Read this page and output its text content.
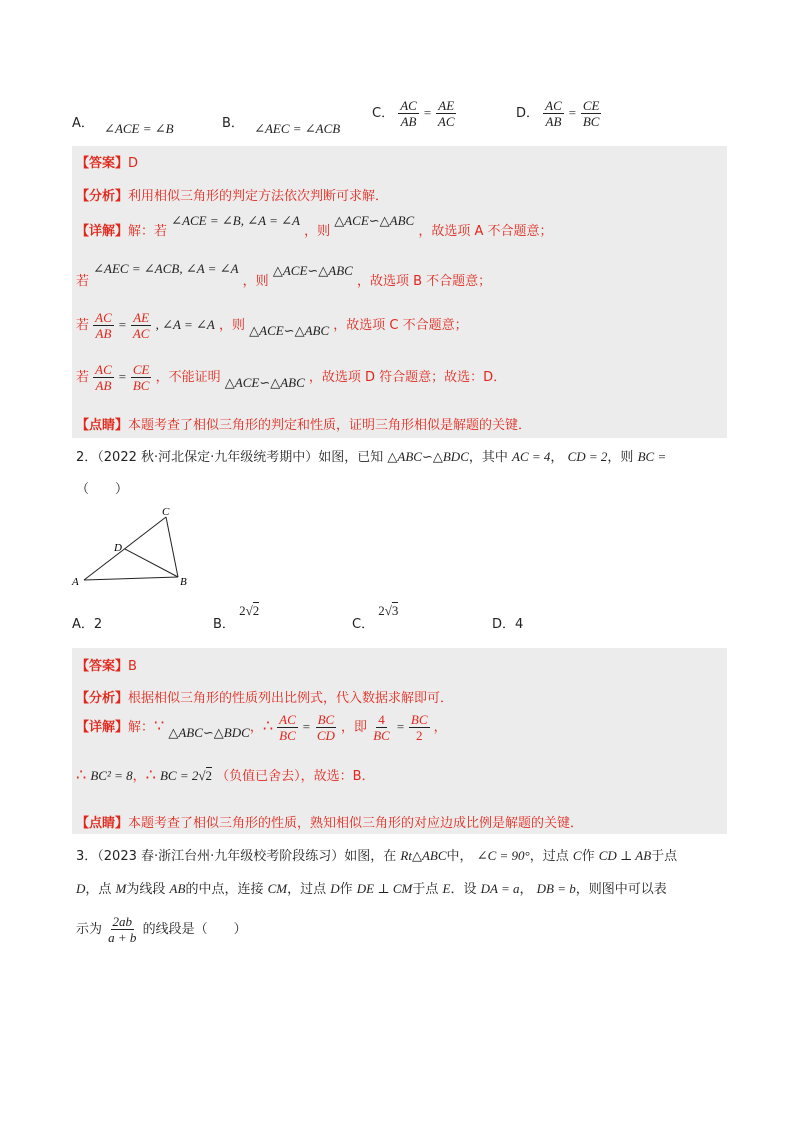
A． ∠ACE = ∠B	B． ∠AEC = ∠ACB
C． $\frac{AC}{AB} = \frac{AE}{AC}$	D． $\frac{AC}{AB} = \frac{CE}{BC}$
【答案】D
【分析】利用相似三角形的判定方法依次判断可求解．
【详解】解：若 ∠ACE = ∠B, ∠A = ∠A ，则 △ACE∽△ABC ，故选项 A 不合题意；
若 ∠AEC = ∠ACB, ∠A = ∠A ，则 △ACE∽△ABC ，故选项 B 不合题意；
若 $\frac{AC}{AB} = \frac{AE}{AC}$ , ∠A = ∠A ，则 △ACE∽△ABC ，故选项 C 不合题意；
若 $\frac{AC}{AB} = \frac{CE}{BC}$ ，不能证明 △ACE∽△ABC ，故选项 D 符合题意；故选：D．
【点睛】本题考查了相似三角形的判定和性质，证明三角形相似是解题的关键．
2．（2022 秋·河北保定·九年级统考期中）如图，已知 △ABC∽△BDC，其中 AC = 4， CD = 2，则 BC =
（　　）
A	B
C
D
A．2	B． 2√2
C． 2√3
D．4
【答案】B
【分析】根据相似三角形的性质列出比例式，代入数据求解即可．
【详解】解：∵ △ABC∽△BDC，∴ $\frac{AC}{BC} = \frac{BC}{CD}$ ，即 $\frac{4}{BC} = \frac{BC}{2}$ ，
∴ BC² = 8，∴ BC = 2√2 （负值已舍去），故选：B．
【点睛】本题考查了相似三角形的性质，熟知相似三角形的对应边成比例是解题的关键．
3．（2023 春·浙江台州·九年级校考阶段练习）如图，在 Rt△ABC中， ∠C = 90°，过点 C作 CD ⊥ AB于点
D，点 M为线段 AB的中点，连接 CM，过点 D作 DE ⊥ CM于点 E．设 DA = a， DB = b，则图中可以表
示为 $\frac{2ab}{a + b}$ 的线段是（　　）
